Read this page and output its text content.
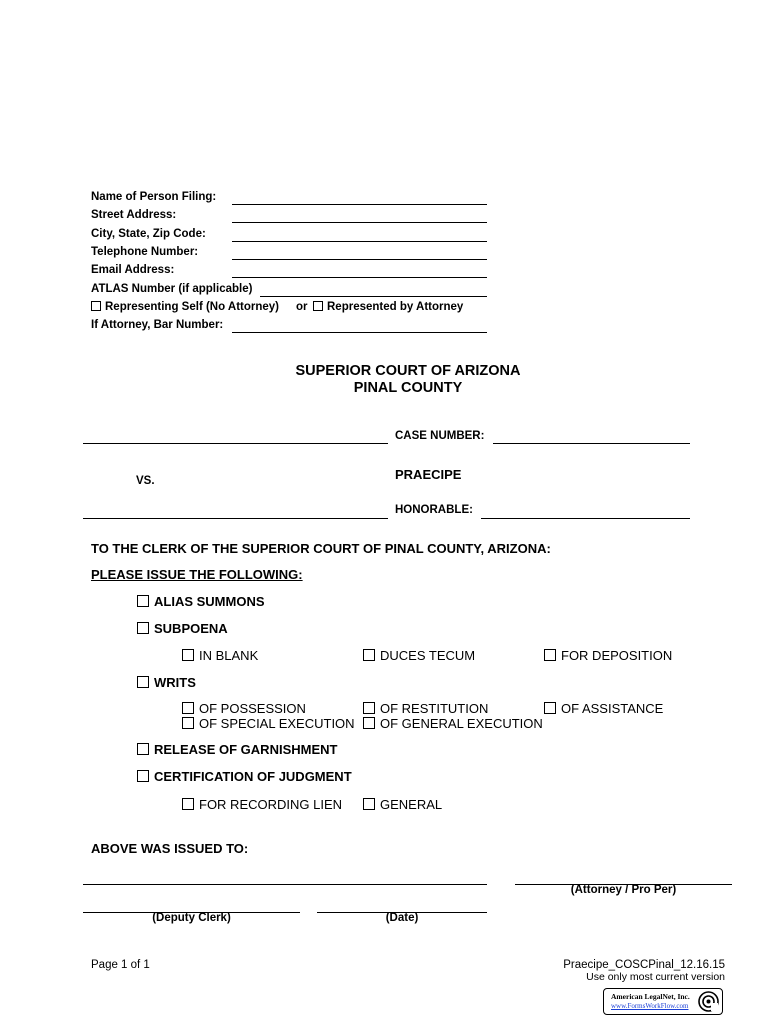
Name of Person Filing:
Street Address:
City, State, Zip Code:
Telephone Number:
Email Address:
ATLAS Number (if applicable)
Representing Self (No Attorney) or	Represented by Attorney
If Attorney, Bar Number:
SUPERIOR COURT OF ARIZONA
PINAL COUNTY
CASE NUMBER:
VS.	PRAECIPE
HONORABLE:
TO THE CLERK OF THE SUPERIOR COURT OF PINAL COUNTY, ARIZONA:
PLEASE ISSUE THE FOLLOWING:
ALIAS SUMMONS
SUBPOENA
IN BLANK	DUCES TECUM	FOR DEPOSITION
WRITS
OF POSSESSION	OF RESTITUTION	OF ASSISTANCE
OF SPECIAL EXECUTION	OF GENERAL EXECUTION
RELEASE OF GARNISHMENT
CERTIFICATION OF JUDGMENT
FOR RECORDING LIEN	GENERAL
ABOVE WAS ISSUED TO:
(Attorney / Pro Per)
(Deputy Clerk)	(Date)
Page 1 of 1	Praecipe_COSCPinal_12.16.15
Use only most current version
American LegalNet, Inc.
www.FormsWorkFlow.com
